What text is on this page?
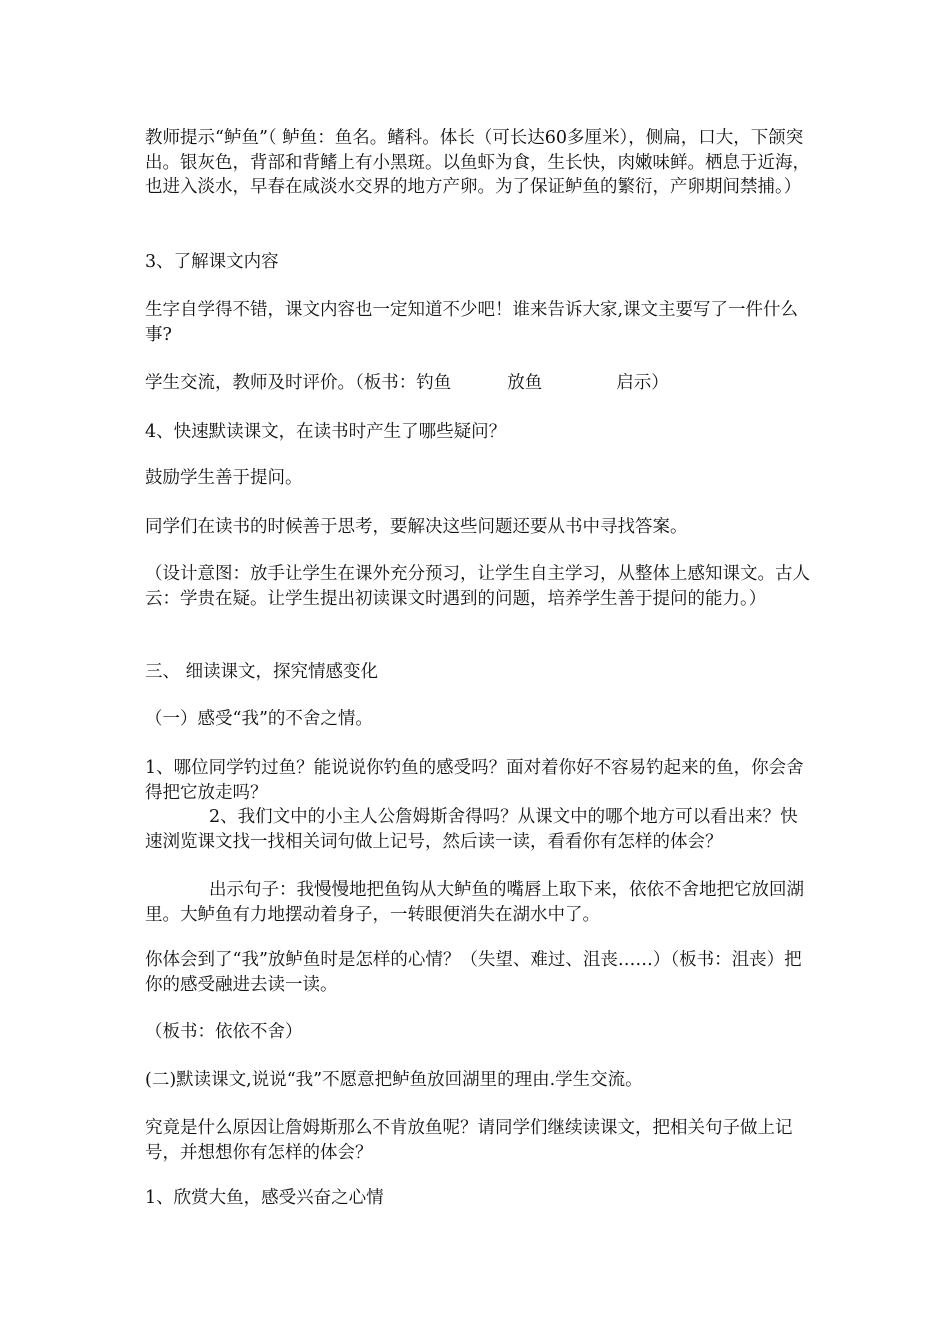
教师提示“鲈鱼”（ 鲈鱼：鱼名。鳍科。体长（可长达60多厘米），侧扁，口大，下颌突出。银灰色，背部和背鳍上有小黑斑。以鱼虾为食，生长快，肉嫩味鲜。栖息于近海，也进入淡水，早春在咸淡水交界的地方产卵。为了保证鲈鱼的繁衍，产卵期间禁捕。）

3、了解课文内容

生字自学得不错，课文内容也一定知道不少吧！谁来告诉大家,课文主要写了一件什么事?

学生交流，教师及时评价。（板书：钓鱼	放鱼	启示）

4、快速默读课文，在读书时产生了哪些疑问？

鼓励学生善于提问。

同学们在读书的时候善于思考，要解决这些问题还要从书中寻找答案。

（设计意图：放手让学生在课外充分预习，让学生自主学习，从整体上感知课文。古人云：学贵在疑。让学生提出初读课文时遇到的问题，培养学生善于提问的能力。）

三、 细读课文，探究情感变化

（一）感受“我”的不舍之情。

1、哪位同学钓过鱼？能说说你钓鱼的感受吗？面对着你好不容易钓起来的鱼，你会舍得把它放走吗？

2、我们文中的小主人公詹姆斯舍得吗？从课文中的哪个地方可以看出来？快速浏览课文找一找相关词句做上记号，然后读一读，看看你有怎样的体会？

出示句子：我慢慢地把鱼钩从大鲈鱼的嘴唇上取下来，依依不舍地把它放回湖里。大鲈鱼有力地摆动着身子，一转眼便消失在湖水中了。

你体会到了“我”放鲈鱼时是怎样的心情？（失望、难过、沮丧……）（板书：沮丧）把你的感受融进去读一读。

（板书：依依不舍）

(二)默读课文,说说“我”不愿意把鲈鱼放回湖里的理由.学生交流。

究竟是什么原因让詹姆斯那么不肯放鱼呢？请同学们继续读课文，把相关句子做上记号，并想想你有怎样的体会？

1、欣赏大鱼，感受兴奋之心情
